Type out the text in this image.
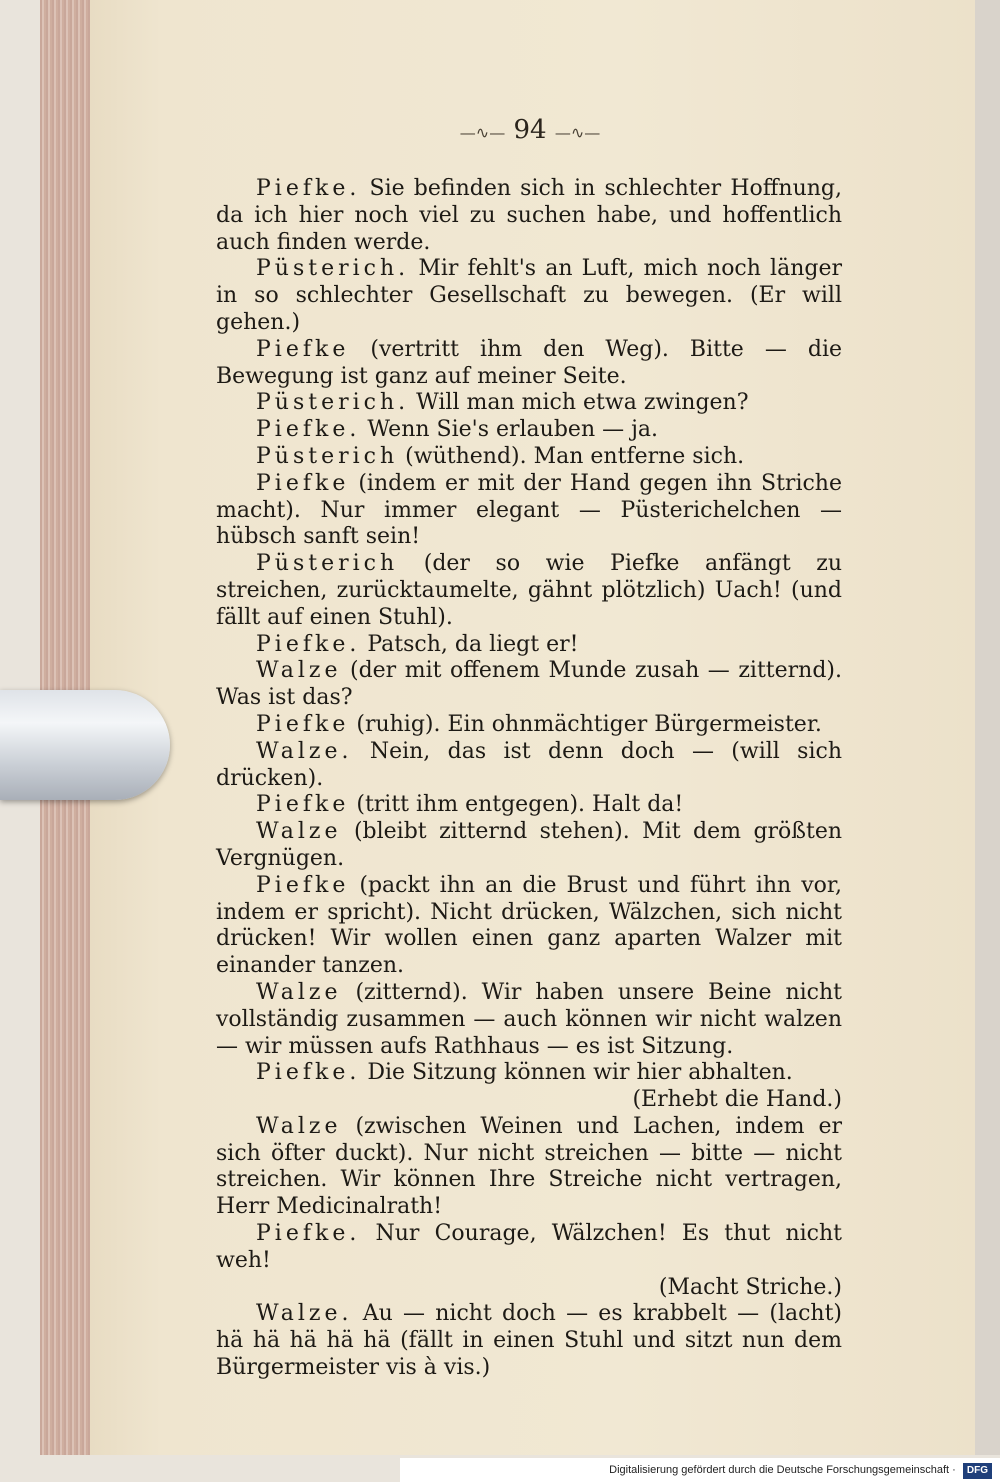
—∿— 94 —∿—

Piefke. Sie befinden sich in schlechter Hoffnung, da ich hier noch viel zu suchen habe, und hoffentlich auch finden werde.

Püsterich. Mir fehlt's an Luft, mich noch länger in so schlechter Gesellschaft zu bewegen. (Er will gehen.)

Piefke (vertritt ihm den Weg). Bitte — die Bewegung ist ganz auf meiner Seite.

Püsterich. Will man mich etwa zwingen?

Piefke. Wenn Sie's erlauben — ja.

Püsterich (wüthend). Man entferne sich.

Piefke (indem er mit der Hand gegen ihn Striche macht). Nur immer elegant — Püsterichelchen — hübsch sanft sein!

Püsterich (der so wie Piefke anfängt zu streichen, zurücktaumelte, gähnt plötzlich) Uach! (und fällt auf einen Stuhl).

Piefke. Patsch, da liegt er!

Walze (der mit offenem Munde zusah — zitternd). Was ist das?

Piefke (ruhig). Ein ohnmächtiger Bürgermeister.

Walze. Nein, das ist denn doch — (will sich drücken).

Piefke (tritt ihm entgegen). Halt da!

Walze (bleibt zitternd stehen). Mit dem größten Vergnügen.

Piefke (packt ihn an die Brust und führt ihn vor, indem er spricht). Nicht drücken, Wälzchen, sich nicht drücken! Wir wollen einen ganz aparten Walzer mit einander tanzen.

Walze (zitternd). Wir haben unsere Beine nicht vollständig zusammen — auch können wir nicht walzen — wir müssen aufs Rathhaus — es ist Sitzung.

Piefke. Die Sitzung können wir hier abhalten.

(Erhebt die Hand.)

Walze (zwischen Weinen und Lachen, indem er sich öfter duckt). Nur nicht streichen — bitte — nicht streichen. Wir können Ihre Streiche nicht vertragen, Herr Medicinalrath!

Piefke. Nur Courage, Wälzchen! Es thut nicht weh!

(Macht Striche.)

Walze. Au — nicht doch — es krabbelt — (lacht) hä hä hä hä hä (fällt in einen Stuhl und sitzt nun dem Bürgermeister vis à vis.)

Digitalisierung gefördert durch die Deutsche Forschungsgemeinschaft · DFG
